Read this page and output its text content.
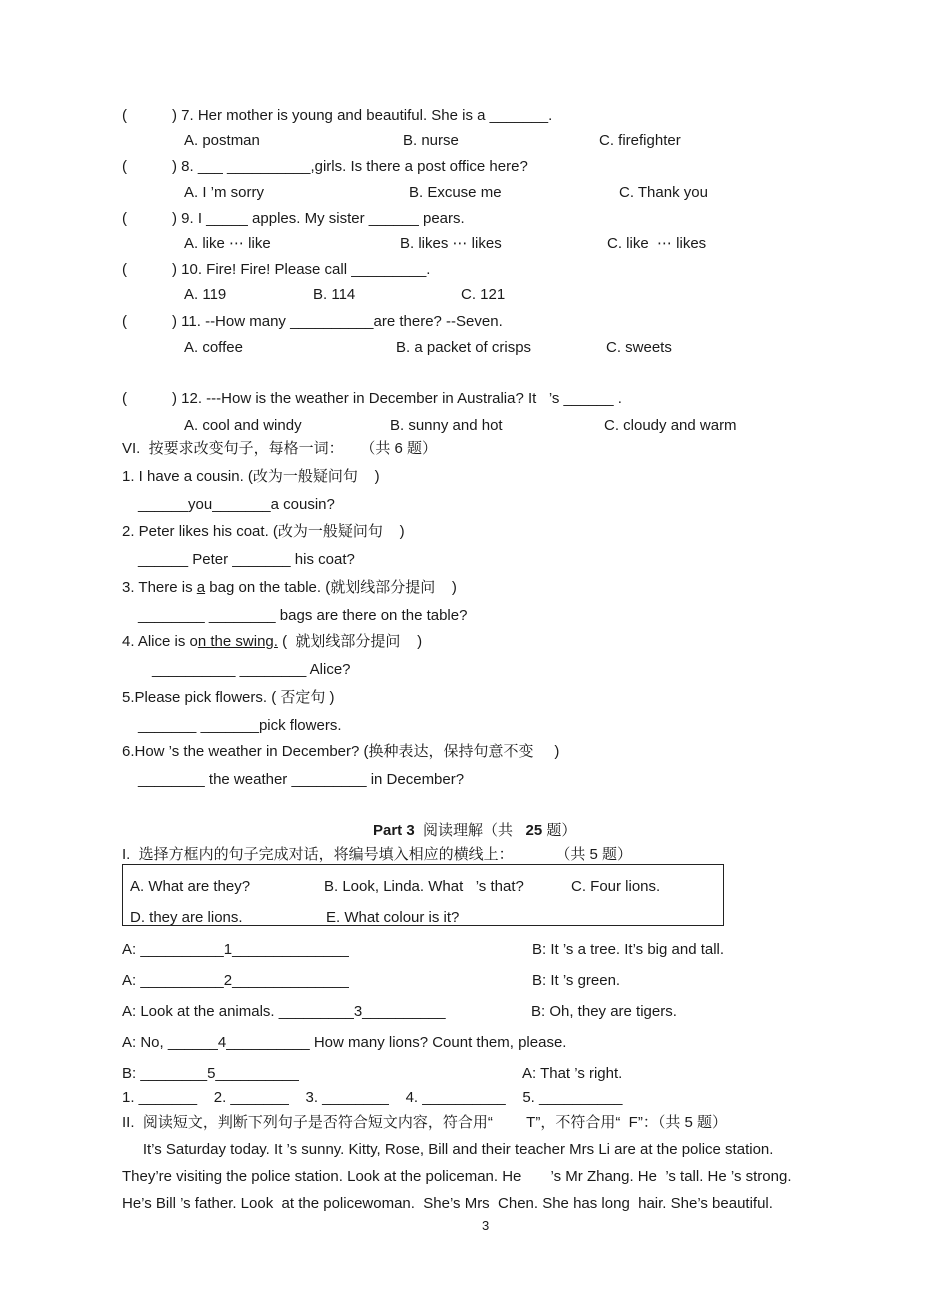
(	) 7. Her mother is young and beautiful. She is a _______.
A. postman	B. nurse	C. firefighter
(	) 8. ___ __________,girls. Is there a post office here?
A. I ’m sorry	B. Excuse me	C. Thank you
(	) 9. I _____ apples. My sister ______ pears.
A. like ⋯ like	B. likes ⋯ likes	C. like  ⋯ likes
(	) 10. Fire! Fire! Please call _________.
A. 119	B. 114	C. 121
(	) 11. --How many __________are there? --Seven.
A. coffee	B. a packet of crisps	C. sweets
(	) 12. ---How is the weather in December in Australia? It   ’s ______ .
A. cool and windy	B. sunny and hot	C. cloudy and warm
VI.  按要求改变句子，每格一词：    （共 6 题）
1. I have a cousin. (改为一般疑问句    )
______you_______a cousin?
2. Peter likes his coat. (改为一般疑问句    )
______ Peter _______ his coat?
3. There is a bag on the table. (就划线部分提问    )
________ ________ bags are there on the table?
4. Alice is on the swing. (  就划线部分提问    )
__________ ________ Alice?
5.Please pick flowers. ( 否定句 )
_______ _______pick flowers.
6.How ’s the weather in December? (换种表达，保持句意不变     )
________ the weather _________ in December?
Part 3  阅读理解（共   25 题）
I.  选择方框内的句子完成对话，将编号填入相应的横线上：          （共 5 题）
A. What are they?	B. Look, Linda. What   ’s that?	C. Four lions.
D. they are lions.	E. What colour is it?
A: __________1______________	B: It ’s a tree. It’s big and tall.
A: __________2______________	B: It ’s green.
A: Look at the animals. _________3__________	B: Oh, they are tigers.
A: No, ______4__________ How many lions? Count them, please.
B: ________5__________	A: That ’s right.
1. _______    2. _______    3. ________    4. __________    5. __________
II.  阅读短文，判断下列句子是否符合短文内容，符合用“        T”，不符合用“  F”：（共 5 题）
It’s Saturday today. It ’s sunny. Kitty, Rose, Bill and their teacher Mrs Li are at the police station.
They’re visiting the police station. Look at the policeman. He       ’s Mr Zhang. He  ’s tall. He ’s strong.
He’s Bill ’s father. Look  at the policewoman.  She’s Mrs  Chen. She has long  hair. She’s beautiful.
3
